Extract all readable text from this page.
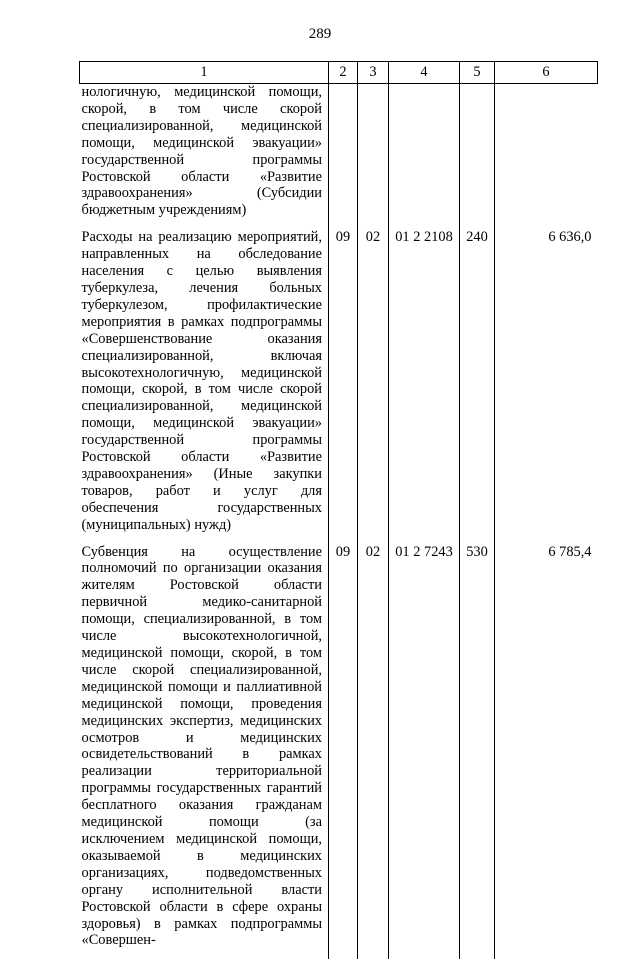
289
1	2	3	4	5	6
нологичную, медицинской помощи, скорой, в том числе скорой специализированной, медицинской помощи, медицинской эвакуации» государственной программы Ростовской области «Развитие здравоохранения» (Субсидии бюджетным учреждениям)					
Расходы на реализацию мероприятий, направленных на обследование населения с целью выявления туберкулеза, лечения больных туберкулезом, профилактические мероприятия в рамках подпрограммы «Совершенствование оказания специализированной, включая высокотехнологичную, медицинской помощи, скорой, в том числе скорой специализированной, медицинской помощи, медицинской эвакуации» государственной программы Ростовской области «Развитие здравоохранения» (Иные закупки товаров, работ и услуг для обеспечения государственных (муниципальных) нужд)	09	02	01 2 2108	240	6 636,0
Субвенция на осуществление полномочий по организации оказания жителям Ростовской области первичной медико-санитарной помощи, специализированной, в том числе высокотехнологичной, медицинской помощи, скорой, в том числе скорой специализированной, медицинской помощи и паллиативной медицинской помощи, проведения медицинских экспертиз, медицинских осмотров и медицинских освидетельствований в рамках реализации территориальной программы государственных гарантий бесплатного оказания гражданам медицинской помощи (за исключением медицинской помощи, оказываемой в медицинских организациях, подведомственных органу исполнительной власти Ростовской области в сфере охраны здоровья) в рамках подпрограммы «Совершен-	09	02	01 2 7243	530	6 785,4
